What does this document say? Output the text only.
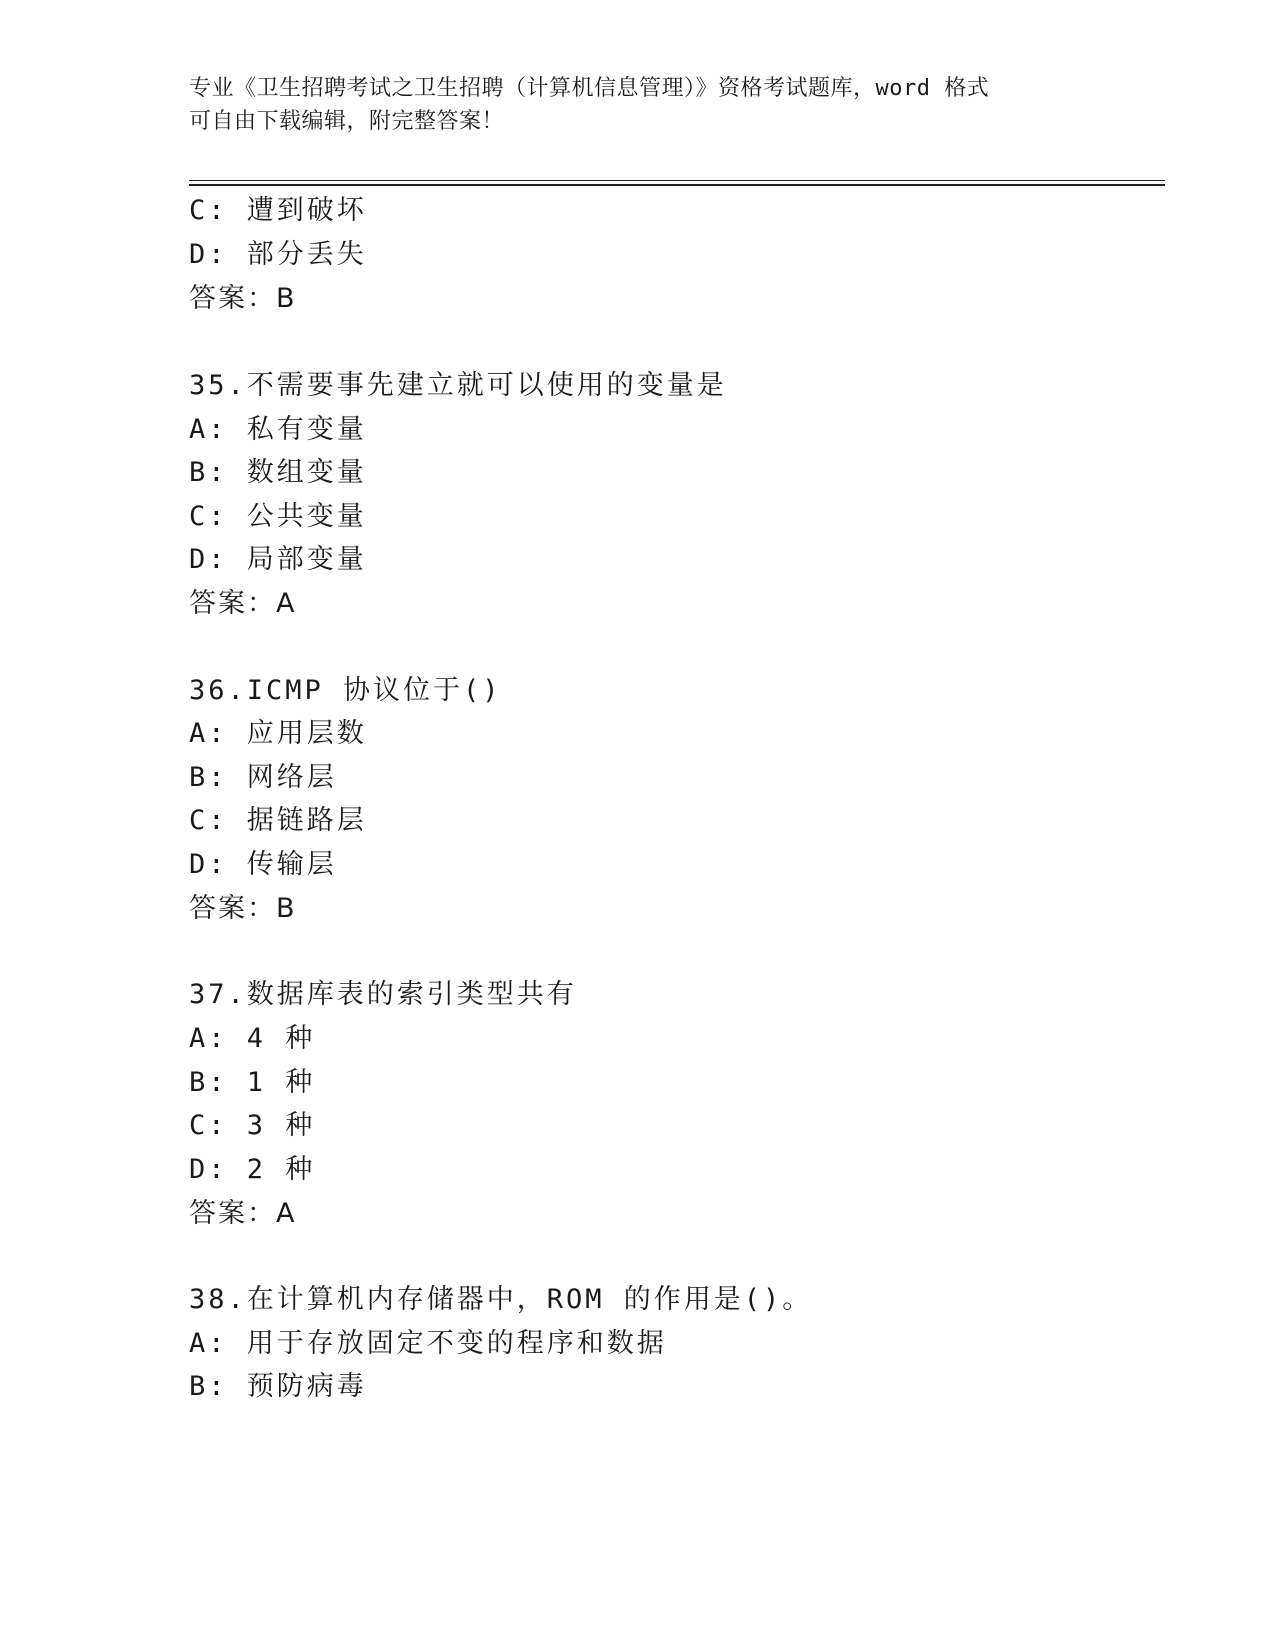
专业《卫生招聘考试之卫生招聘（计算机信息管理）》资格考试题库，word 格式
可自由下载编辑，附完整答案！
C: 遭到破坏
D: 部分丢失
答案：B
35.不需要事先建立就可以使用的变量是
A: 私有变量
B: 数组变量
C: 公共变量
D: 局部变量
答案：A
36.ICMP 协议位于()
A: 应用层数
B: 网络层
C: 据链路层
D: 传输层
答案：B
37.数据库表的索引类型共有
A: 4 种
B: 1 种
C: 3 种
D: 2 种
答案：A
38.在计算机内存储器中，ROM 的作用是()。
A: 用于存放固定不变的程序和数据
B: 预防病毒
